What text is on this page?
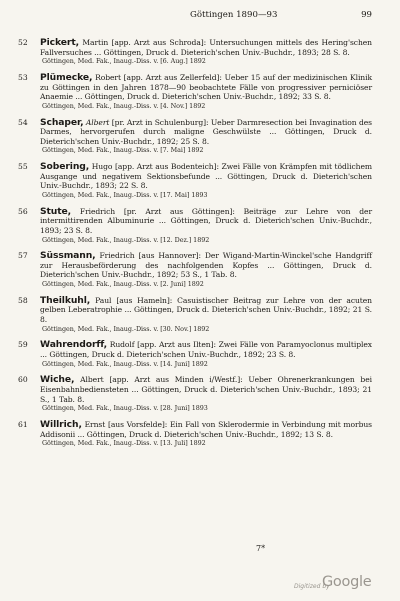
Göttingen 1890—93	99
52	Pickert, Martin [app. Arzt aus Schroda]: Untersuchungen mittels des Hering'schen Fallversuches ... Göttingen, Druck d. Dieterich'schen Univ.-Buchdr., 1893; 28 S. 8.
Göttingen, Med. Fak., Inaug.-Diss. v. [6. Aug.] 1892
53	Plümecke, Robert [app. Arzt aus Zellerfeld]: Ueber 15 auf der medizinischen Klinik zu Göttingen in den Jahren 1878—90 beobachtete Fälle von progressiver perniciöser Anaemie ... Göttingen, Druck d. Dieterich'schen Univ.-Buchdr., 1892; 33 S. 8.
Göttingen, Med. Fak., Inaug.-Diss. v. [4. Nov.] 1892
54	Schaper, Albert [pr. Arzt in Schulenburg]: Ueber Darmresection bei Invagination des Darmes, hervorgerufen durch maligne Geschwülste ... Göttingen, Druck d. Dieterich'schen Univ.-Buchdr., 1892; 25 S. 8.
Göttingen, Med. Fak., Inaug.-Diss. v. [7. Mai] 1892
55	Sobering, Hugo [app. Arzt aus Bodenteich]: Zwei Fälle von Krämpfen mit tödlichem Ausgange und negativem Sektionsbefunde ... Göttingen, Druck d. Dieterich'schen Univ.-Buchdr., 1893; 22 S. 8.
Göttingen, Med. Fak., Inaug.-Diss. v. [17. Mai] 1893
56	Stute, Friedrich [pr. Arzt aus Göttingen]: Beiträge zur Lehre von der intermittirenden Albuminurie ... Göttingen, Druck d. Dieterich'schen Univ.-Buchdr., 1893; 23 S. 8.
Göttingen, Med. Fak., Inaug.-Diss. v. [12. Dez.] 1892
57	Süssmann, Friedrich [aus Hannover]: Der Wigand-Martin-Winckel'sche Handgriff zur Herausbeförderung des nachfolgenden Kopfes ... Göttingen, Druck d. Dieterich'schen Univ.-Buchdr., 1892; 53 S., 1 Tab. 8.
Göttingen, Med. Fak., Inaug.-Diss. v. [2. Juni] 1892
58	Theilkuhl, Paul [aus Hameln]: Casuistischer Beitrag zur Lehre von der acuten gelben Leberatrophie ... Göttingen, Druck d. Dieterich'schen Univ.-Buchdr., 1892; 21 S. 8.
Göttingen, Med. Fak., Inaug.-Diss. v. [30. Nov.] 1892
59	Wahrendorff, Rudolf [app. Arzt aus Ilten]: Zwei Fälle von Paramyoclonus multiplex ... Göttingen, Druck d. Dieterich'schen Univ.-Buchdr., 1892; 23 S. 8.
Göttingen, Med. Fak., Inaug.-Diss. v. [14. Juni] 1892
60	Wiche, Albert [app. Arzt aus Minden i/Westf.]: Ueber Ohrenerkrankungen bei Eisenbahnbediensteten ... Göttingen, Druck d. Dieterich'schen Univ.-Buchdr., 1893; 21 S., 1 Tab. 8.
Göttingen, Med. Fak., Inaug.-Diss. v. [28. Juni] 1893
61	Willrich, Ernst [aus Vorsfelde]: Ein Fall von Sklerodermie in Verbindung mit morbus Addisonii ... Göttingen, Druck d. Dieterich'schen Univ.-Buchdr., 1892; 13 S. 8.
Göttingen, Med. Fak., Inaug.-Diss. v. [13. Juli] 1892
7*
Digitized by
Google
